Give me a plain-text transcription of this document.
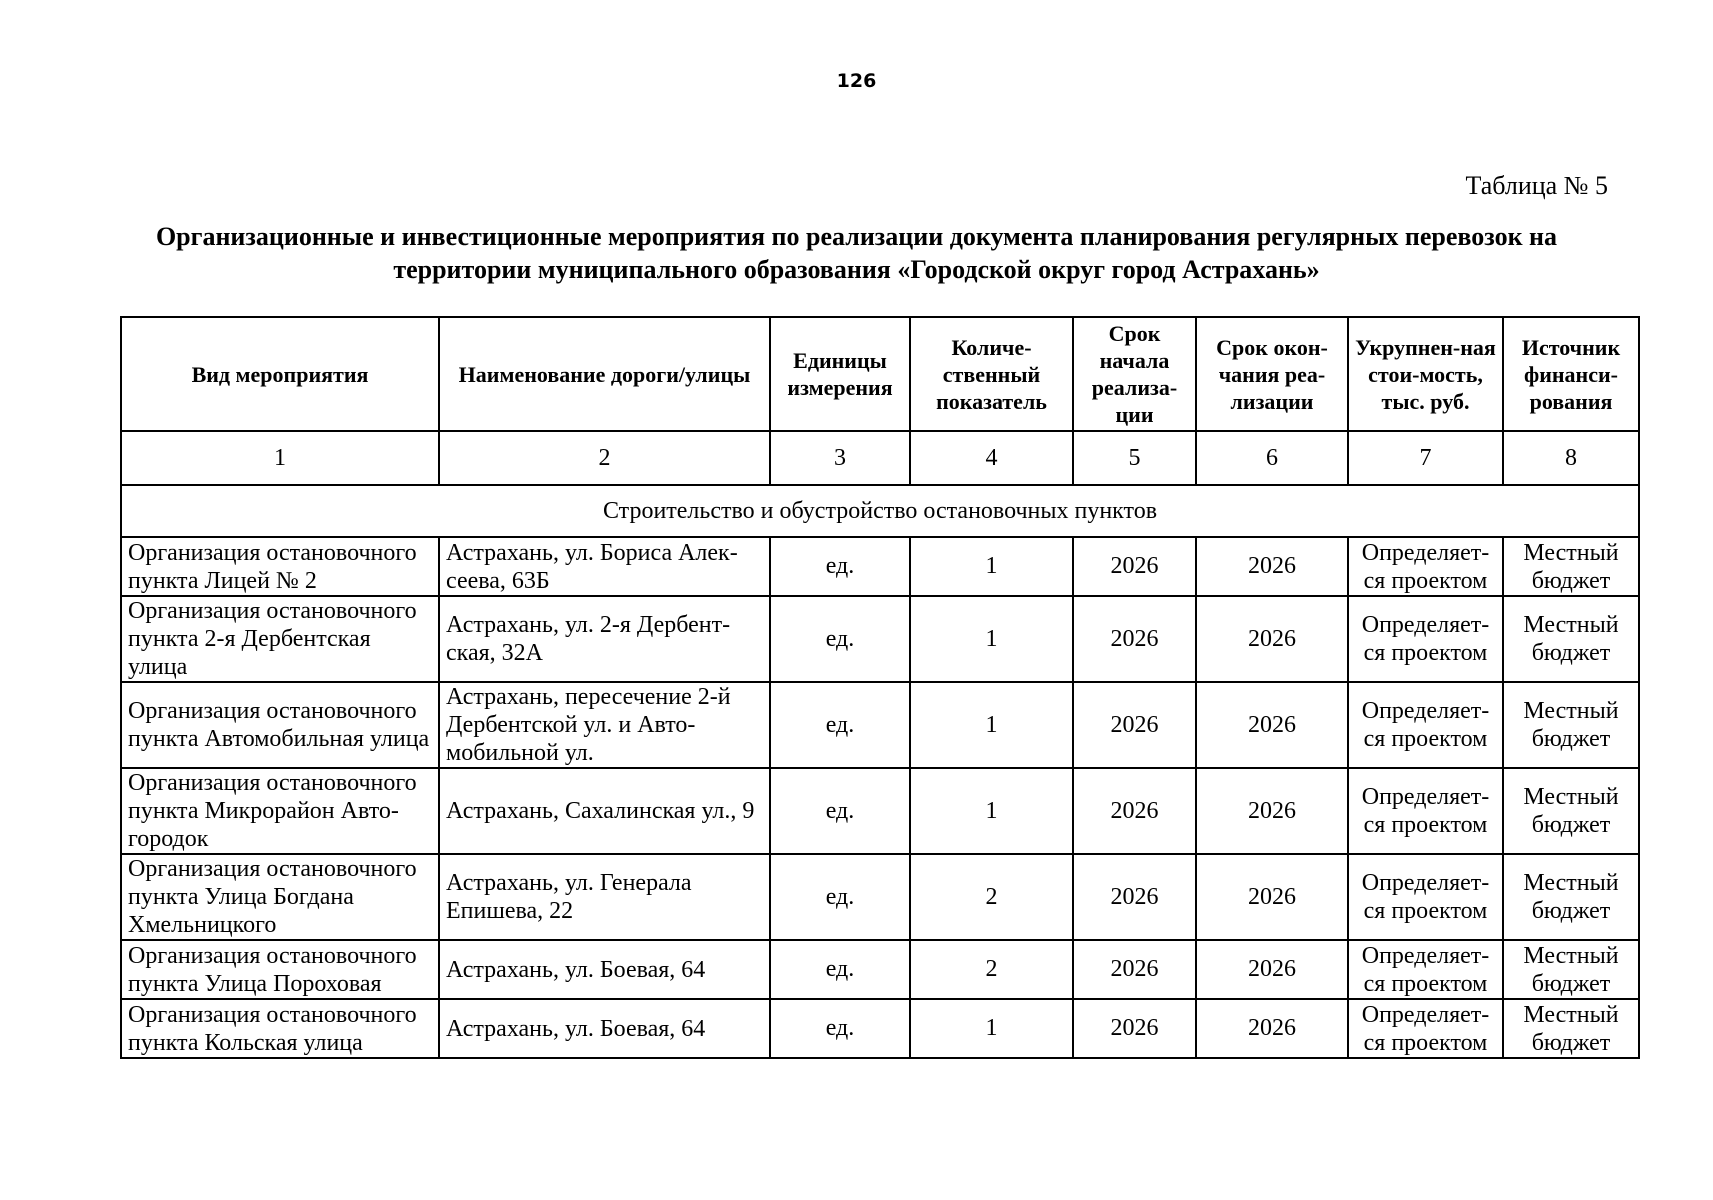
126
Таблица № 5
Организационные и инвестиционные мероприятия по реализации документа планирования регулярных перевозок на территории муниципального образования «Городской округ город Астрахань»
Вид мероприятия	Наименование дороги/улицы	Единицы измерения	Количе-ственный показатель	Срок начала реализа-ции	Срок окон-чания реа-лизации	Укрупнен-ная стои-мость, тыс. руб.	Источник финанси-рования
1	2	3	4	5	6	7	8
Строительство и обустройство остановочных пунктов							
Организация остановочного пункта Лицей № 2	Астрахань, ул. Бориса Алек-сеева, 63Б	ед.	1	2026	2026	Определяет-ся проектом	Местный бюджет
Организация остановочного пункта 2-я Дербентская улица	Астрахань, ул. 2-я Дербент-ская, 32А	ед.	1	2026	2026	Определяет-ся проектом	Местный бюджет
Организация остановочного пункта Автомобильная улица	Астрахань, пересечение 2-й Дербентской ул. и Авто-мобильной ул.	ед.	1	2026	2026	Определяет-ся проектом	Местный бюджет
Организация остановочного пункта Микрорайон Авто-городок	Астрахань, Сахалинская ул., 9	ед.	1	2026	2026	Определяет-ся проектом	Местный бюджет
Организация остановочного пункта Улица Богдана Хмельницкого	Астрахань, ул. Генерала Епишева, 22	ед.	2	2026	2026	Определяет-ся проектом	Местный бюджет
Организация остановочного пункта Улица Пороховая	Астрахань, ул. Боевая, 64	ед.	2	2026	2026	Определяет-ся проектом	Местный бюджет
Организация остановочного пункта Кольская улица	Астрахань, ул. Боевая, 64	ед.	1	2026	2026	Определяет-ся проектом	Местный бюджет
